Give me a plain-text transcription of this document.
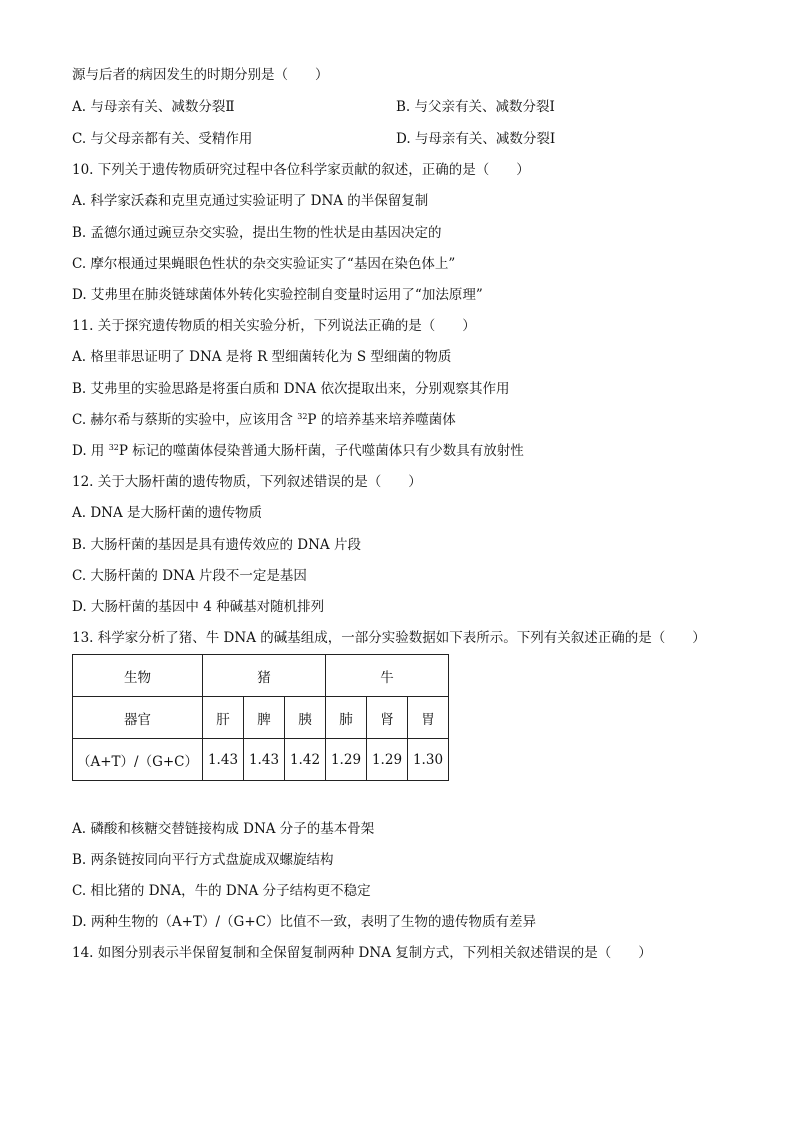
源与后者的病因发生的时期分别是（　　）
A. 与母亲有关、减数分裂Ⅱ	B. 与父亲有关、减数分裂Ⅰ
C. 与父母亲都有关、受精作用	D. 与母亲有关、减数分裂Ⅰ
10. 下列关于遗传物质研究过程中各位科学家贡献的叙述，正确的是（　　）
A. 科学家沃森和克里克通过实验证明了 DNA 的半保留复制
B. 孟德尔通过豌豆杂交实验，提出生物的性状是由基因决定的
C. 摩尔根通过果蝇眼色性状的杂交实验证实了“基因在染色体上”
D. 艾弗里在肺炎链球菌体外转化实验控制自变量时运用了“加法原理”
11. 关于探究遗传物质的相关实验分析，下列说法正确的是（　　）
A. 格里菲思证明了 DNA 是将 R 型细菌转化为 S 型细菌的物质
B. 艾弗里的实验思路是将蛋白质和 DNA 依次提取出来，分别观察其作用
C. 赫尔希与蔡斯的实验中，应该用含 $^{32}$P 的培养基来培养噬菌体
D. 用 $^{32}$P 标记的噬菌体侵染普通大肠杆菌，子代噬菌体只有少数具有放射性
12. 关于大肠杆菌的遗传物质，下列叙述错误的是（　　）
A. DNA 是大肠杆菌的遗传物质
B. 大肠杆菌的基因是具有遗传效应的 DNA 片段
C. 大肠杆菌的 DNA 片段不一定是基因
D. 大肠杆菌的基因中 4 种碱基对随机排列
13. 科学家分析了猪、牛 DNA 的碱基组成，一部分实验数据如下表所示。下列有关叙述正确的是（　　）
生物	猪			牛		
器官	肝	脾	胰	肺	肾	胃
（A+T）/（G+C）	1.43	1.43	1.42	1.29	1.29	1.30
A. 磷酸和核糖交替链接构成 DNA 分子的基本骨架
B. 两条链按同向平行方式盘旋成双螺旋结构
C. 相比猪的 DNA，牛的 DNA 分子结构更不稳定
D. 两种生物的（A+T）/（G+C）比值不一致，表明了生物的遗传物质有差异
14. 如图分别表示半保留复制和全保留复制两种 DNA 复制方式，下列相关叙述错误的是（　　）
